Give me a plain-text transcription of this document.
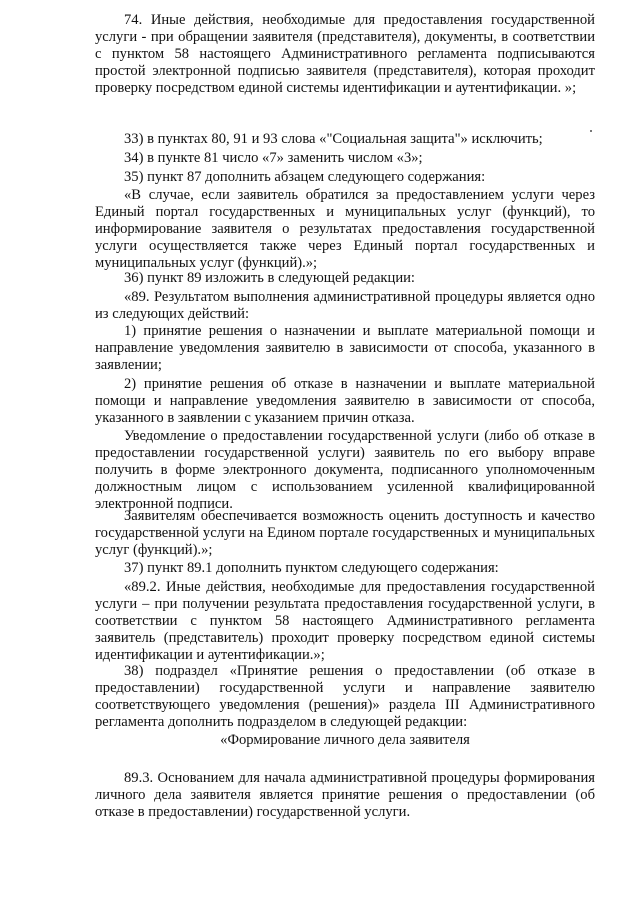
74. Иные действия, необходимые для предоставления государственной услуги - при обращении заявителя (представителя), документы, в соответствии с пунктом 58 настоящего Административного регламента подписываются простой электронной подписью заявителя (представителя), которая проходит проверку посредством единой системы идентификации и аутентификации. »;

33) в пунктах 80, 91 и 93 слова «"Социальная защита"» исключить;

34) в пункте 81 число «7» заменить числом «3»;

35) пункт 87 дополнить абзацем следующего содержания:

«В случае, если заявитель обратился за предоставлением услуги через Единый портал государственных и муниципальных услуг (функций), то информирование заявителя о результатах предоставления государственной услуги осуществляется также через Единый портал государственных и муниципальных услуг (функций).»;

36) пункт 89 изложить в следующей редакции:

«89. Результатом выполнения административной процедуры является одно из следующих действий:

1) принятие решения о назначении и выплате материальной помощи и направление уведомления заявителю в зависимости от способа, указанного в заявлении;

2) принятие решения об отказе в назначении и выплате материальной помощи и направление уведомления заявителю в зависимости от способа, указанного в заявлении с указанием причин отказа.

Уведомление о предоставлении государственной услуги (либо об отказе в предоставлении государственной услуги) заявитель по его выбору вправе получить в форме электронного документа, подписанного уполномоченным должностным лицом с использованием усиленной квалифицированной электронной подписи.

Заявителям обеспечивается возможность оценить доступность и качество государственной услуги на Едином портале государственных и муниципальных услуг (функций).»;

37) пункт 89.1 дополнить пунктом следующего содержания:

«89.2. Иные действия, необходимые для предоставления государственной услуги – при получении результата предоставления государственной услуги, в соответствии с пунктом 58 настоящего Административного регламента заявитель (представитель) проходит проверку посредством единой системы идентификации и аутентификации.»;

38) подраздел «Принятие решения о предоставлении (об отказе в предоставлении) государственной услуги и направление заявителю соответствующего уведомления (решения)» раздела III Административного регламента дополнить подразделом в следующей редакции:

«Формирование личного дела заявителя

89.3. Основанием для начала административной процедуры формирования личного дела заявителя является принятие решения о предоставлении (об отказе в предоставлении) государственной услуги.
